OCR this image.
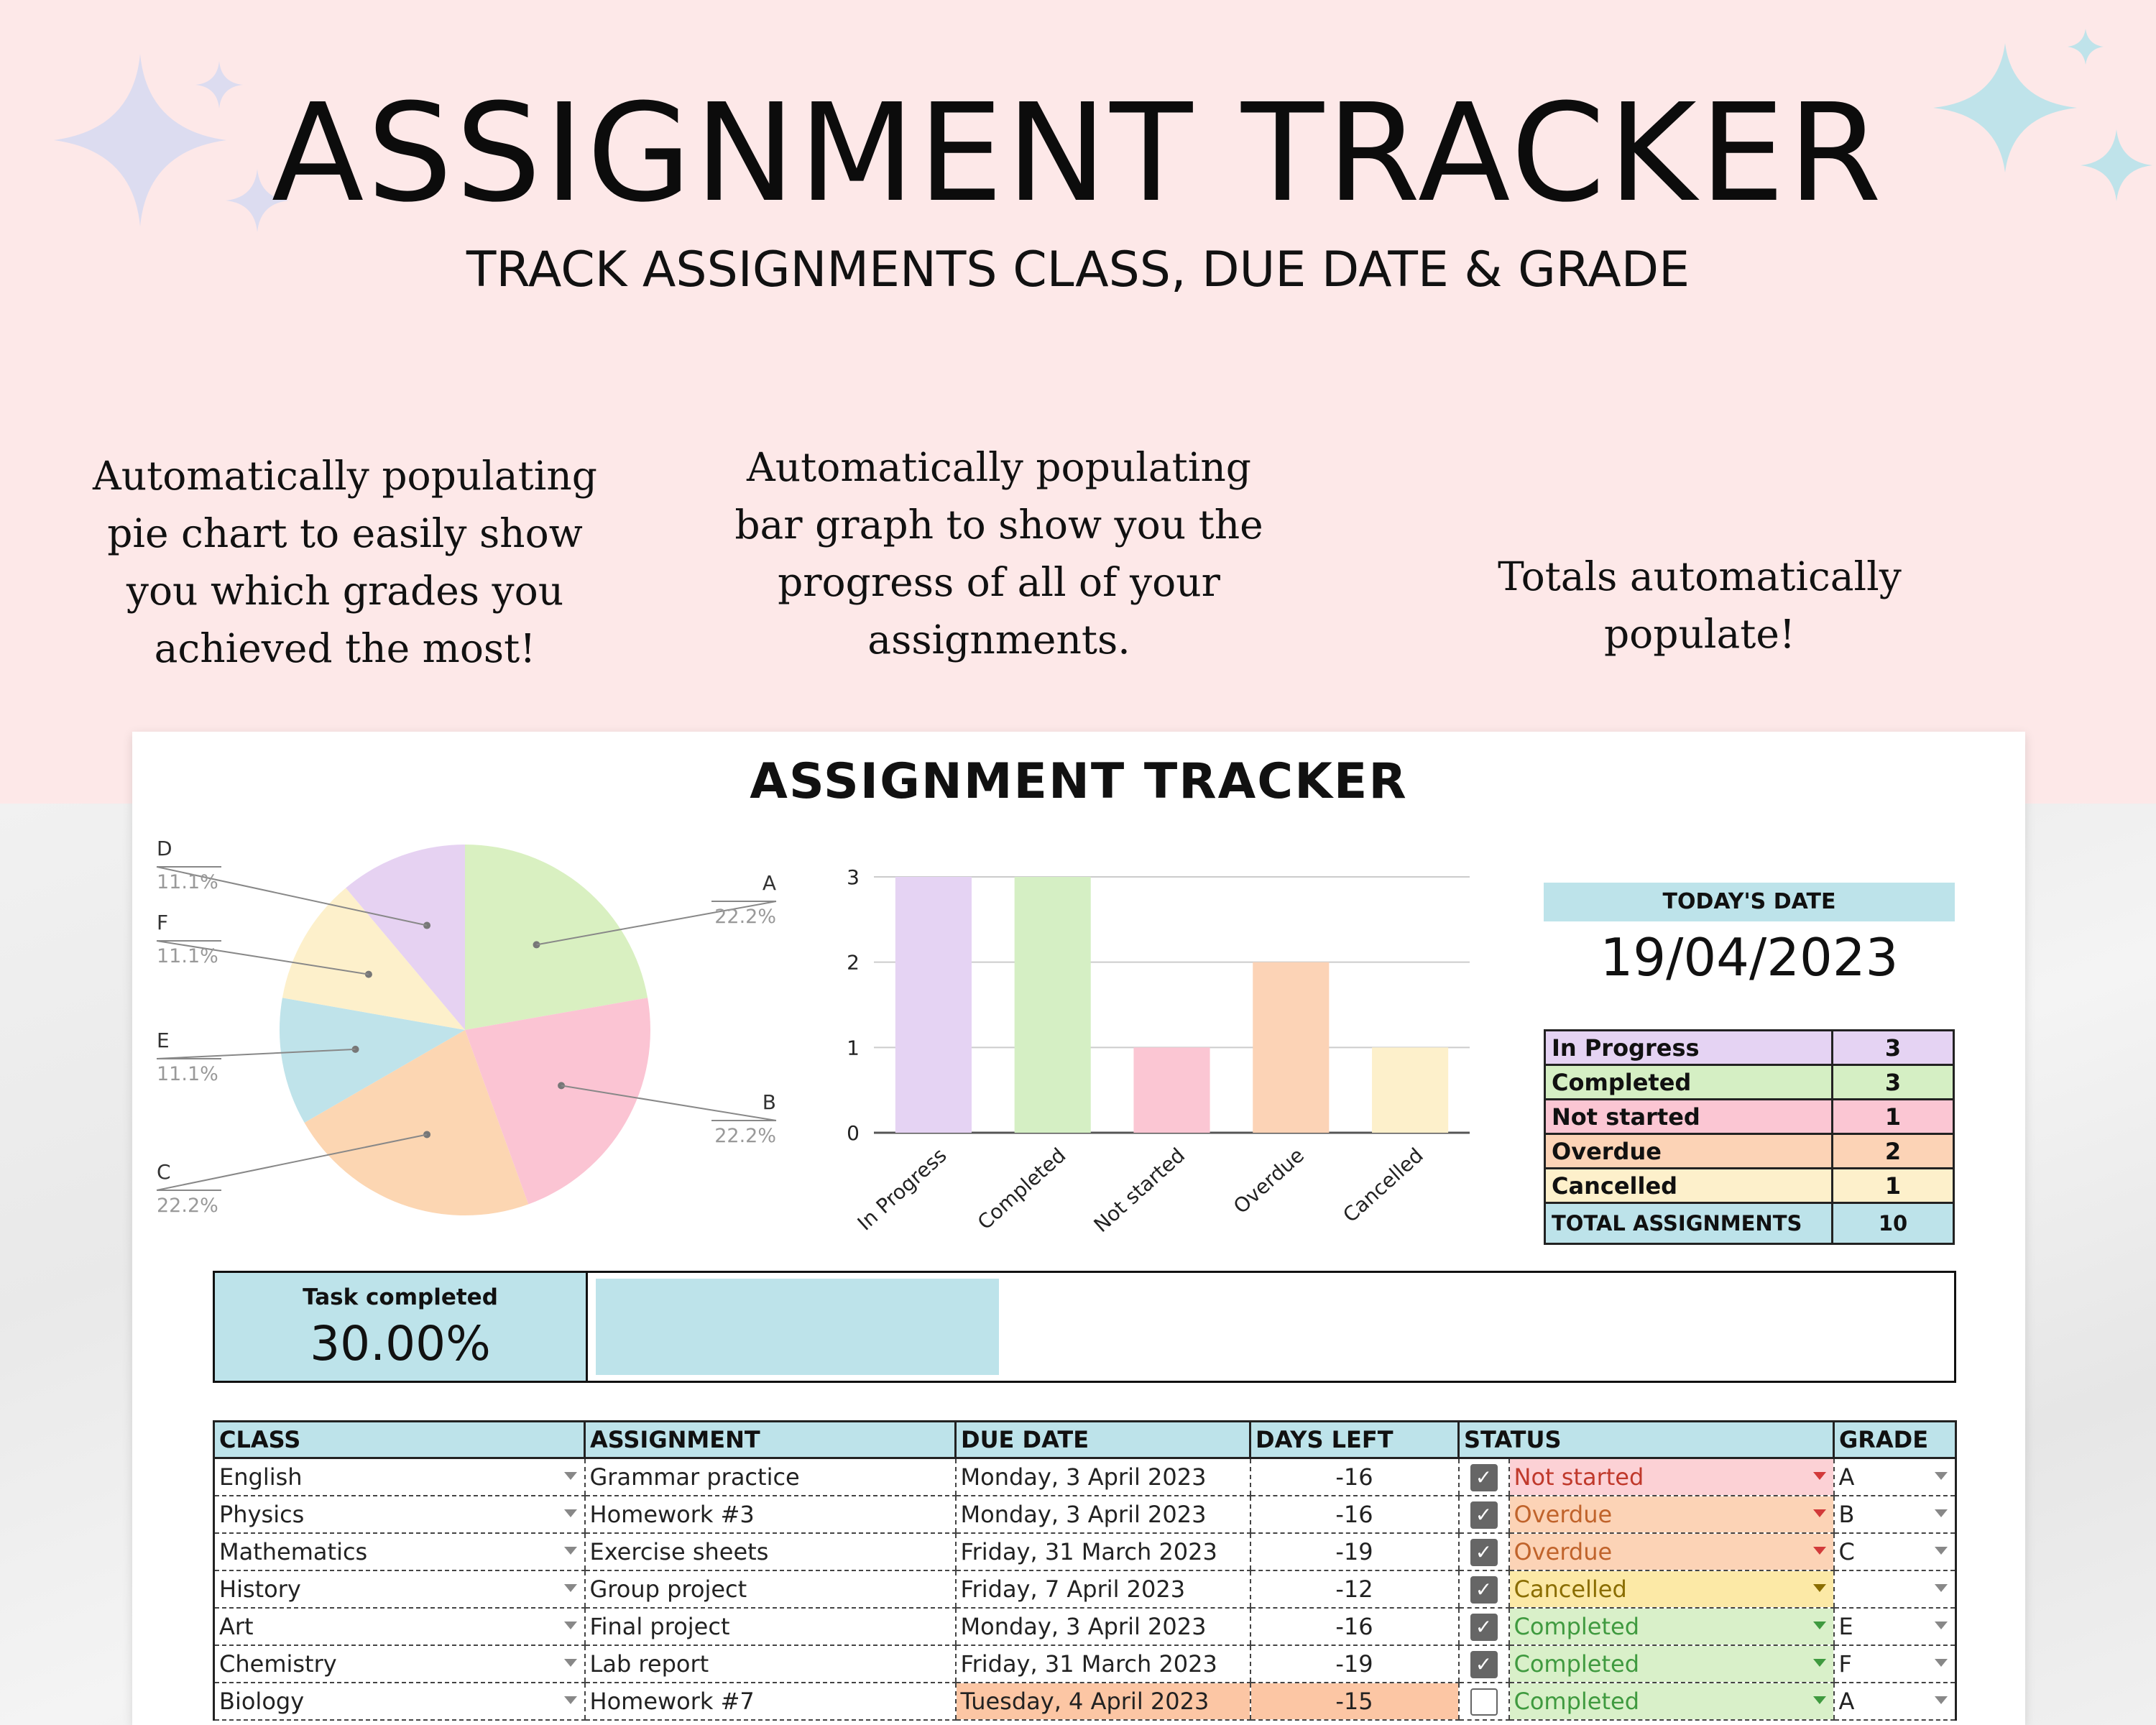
ASSIGNMENT TRACKER
TRACK ASSIGNMENTS CLASS, DUE DATE & GRADE
Automatically populating
pie chart to easily show
you which grades you
achieved the most!
Automatically populating
bar graph to show you the
progress of all of your
assignments.
Totals automatically
populate!
ASSIGNMENT TRACKER
A
22.2%
B
22.2%
C
22.2%
E
11.1%
F
11.1%
D
11.1%
0
1
2
3
In Progress Completed Not started Overdue Cancelled
TODAY'S DATE
19/04/2023
In Progress	3
Completed	3
Not started	1
Overdue	2
Cancelled	1
TOTAL ASSIGNMENTS	10
Task completed
30.00%
CLASS	ASSIGNMENT	DUE DATE	DAYS LEFT	STATUS		GRADE
English	Grammar practice	Monday, 3 April 2023	-16	✓	Not started	A

Physics	Homework #3	Monday, 3 April 2023	-16	✓	Overdue	B

Mathematics	Exercise sheets	Friday, 31 March 2023	-19	✓	Overdue	C

History	Group project	Friday, 7 April 2023	-12	✓	Cancelled

Art	Final project	Monday, 3 April 2023	-16	✓	Completed	E

Chemistry	Lab report	Friday, 31 March 2023	-19	✓	Completed	F

Biology	Homework #7	Tuesday, 4 April 2023	-15		Completed	A
